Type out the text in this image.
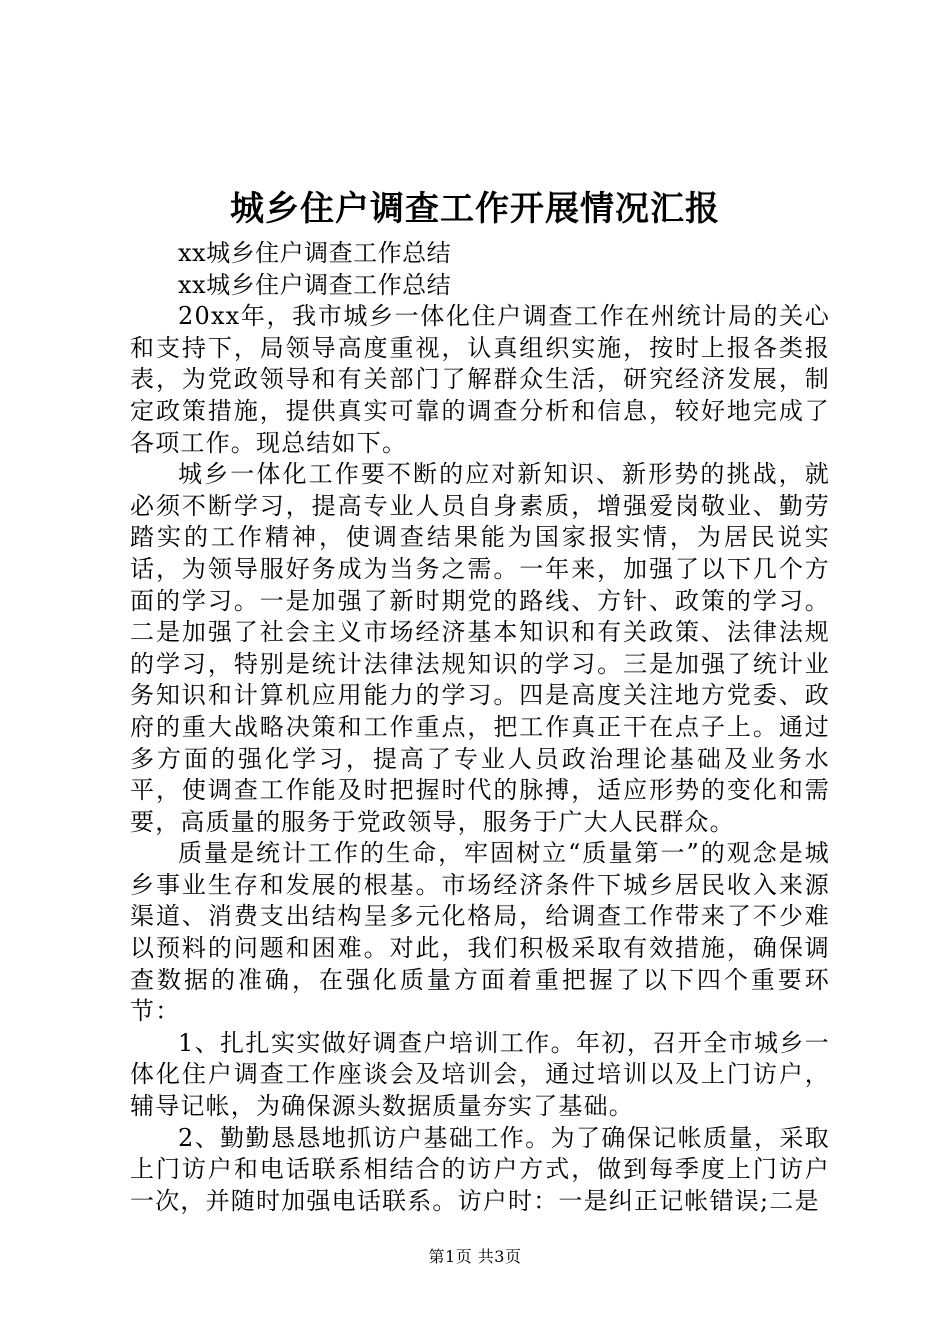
城乡住户调查工作开展情况汇报

xx城乡住户调查工作总结

xx城乡住户调查工作总结

20xx年，我市城乡一体化住户调查工作在州统计局的关心和支持下，局领导高度重视，认真组织实施，按时上报各类报表，为党政领导和有关部门了解群众生活，研究经济发展，制定政策措施，提供真实可靠的调查分析和信息，较好地完成了各项工作。现总结如下。

城乡一体化工作要不断的应对新知识、新形势的挑战，就必须不断学习，提高专业人员自身素质，增强爱岗敬业、勤劳踏实的工作精神，使调查结果能为国家报实情，为居民说实话，为领导服好务成为当务之需。一年来，加强了以下几个方面的学习。一是加强了新时期党的路线、方针、政策的学习。二是加强了社会主义市场经济基本知识和有关政策、法律法规的学习，特别是统计法律法规知识的学习。三是加强了统计业务知识和计算机应用能力的学习。四是高度关注地方党委、政府的重大战略决策和工作重点，把工作真正干在点子上。通过多方面的强化学习，提高了专业人员政治理论基础及业务水平，使调查工作能及时把握时代的脉搏，适应形势的变化和需要，高质量的服务于党政领导，服务于广大人民群众。

质量是统计工作的生命，牢固树立“质量第一”的观念是城乡事业生存和发展的根基。市场经济条件下城乡居民收入来源渠道、消费支出结构呈多元化格局，给调查工作带来了不少难以预料的问题和困难。对此，我们积极采取有效措施，确保调查数据的准确，在强化质量方面着重把握了以下四个重要环节：

1、扎扎实实做好调查户培训工作。年初，召开全市城乡一体化住户调查工作座谈会及培训会，通过培训以及上门访户，辅导记帐，为确保源头数据质量夯实了基础。

2、勤勤恳恳地抓访户基础工作。为了确保记帐质量，采取上门访户和电话联系相结合的访户方式，做到每季度上门访户一次，并随时加强电话联系。访户时：一是纠正记帐错误;二是

第1页 共3页
